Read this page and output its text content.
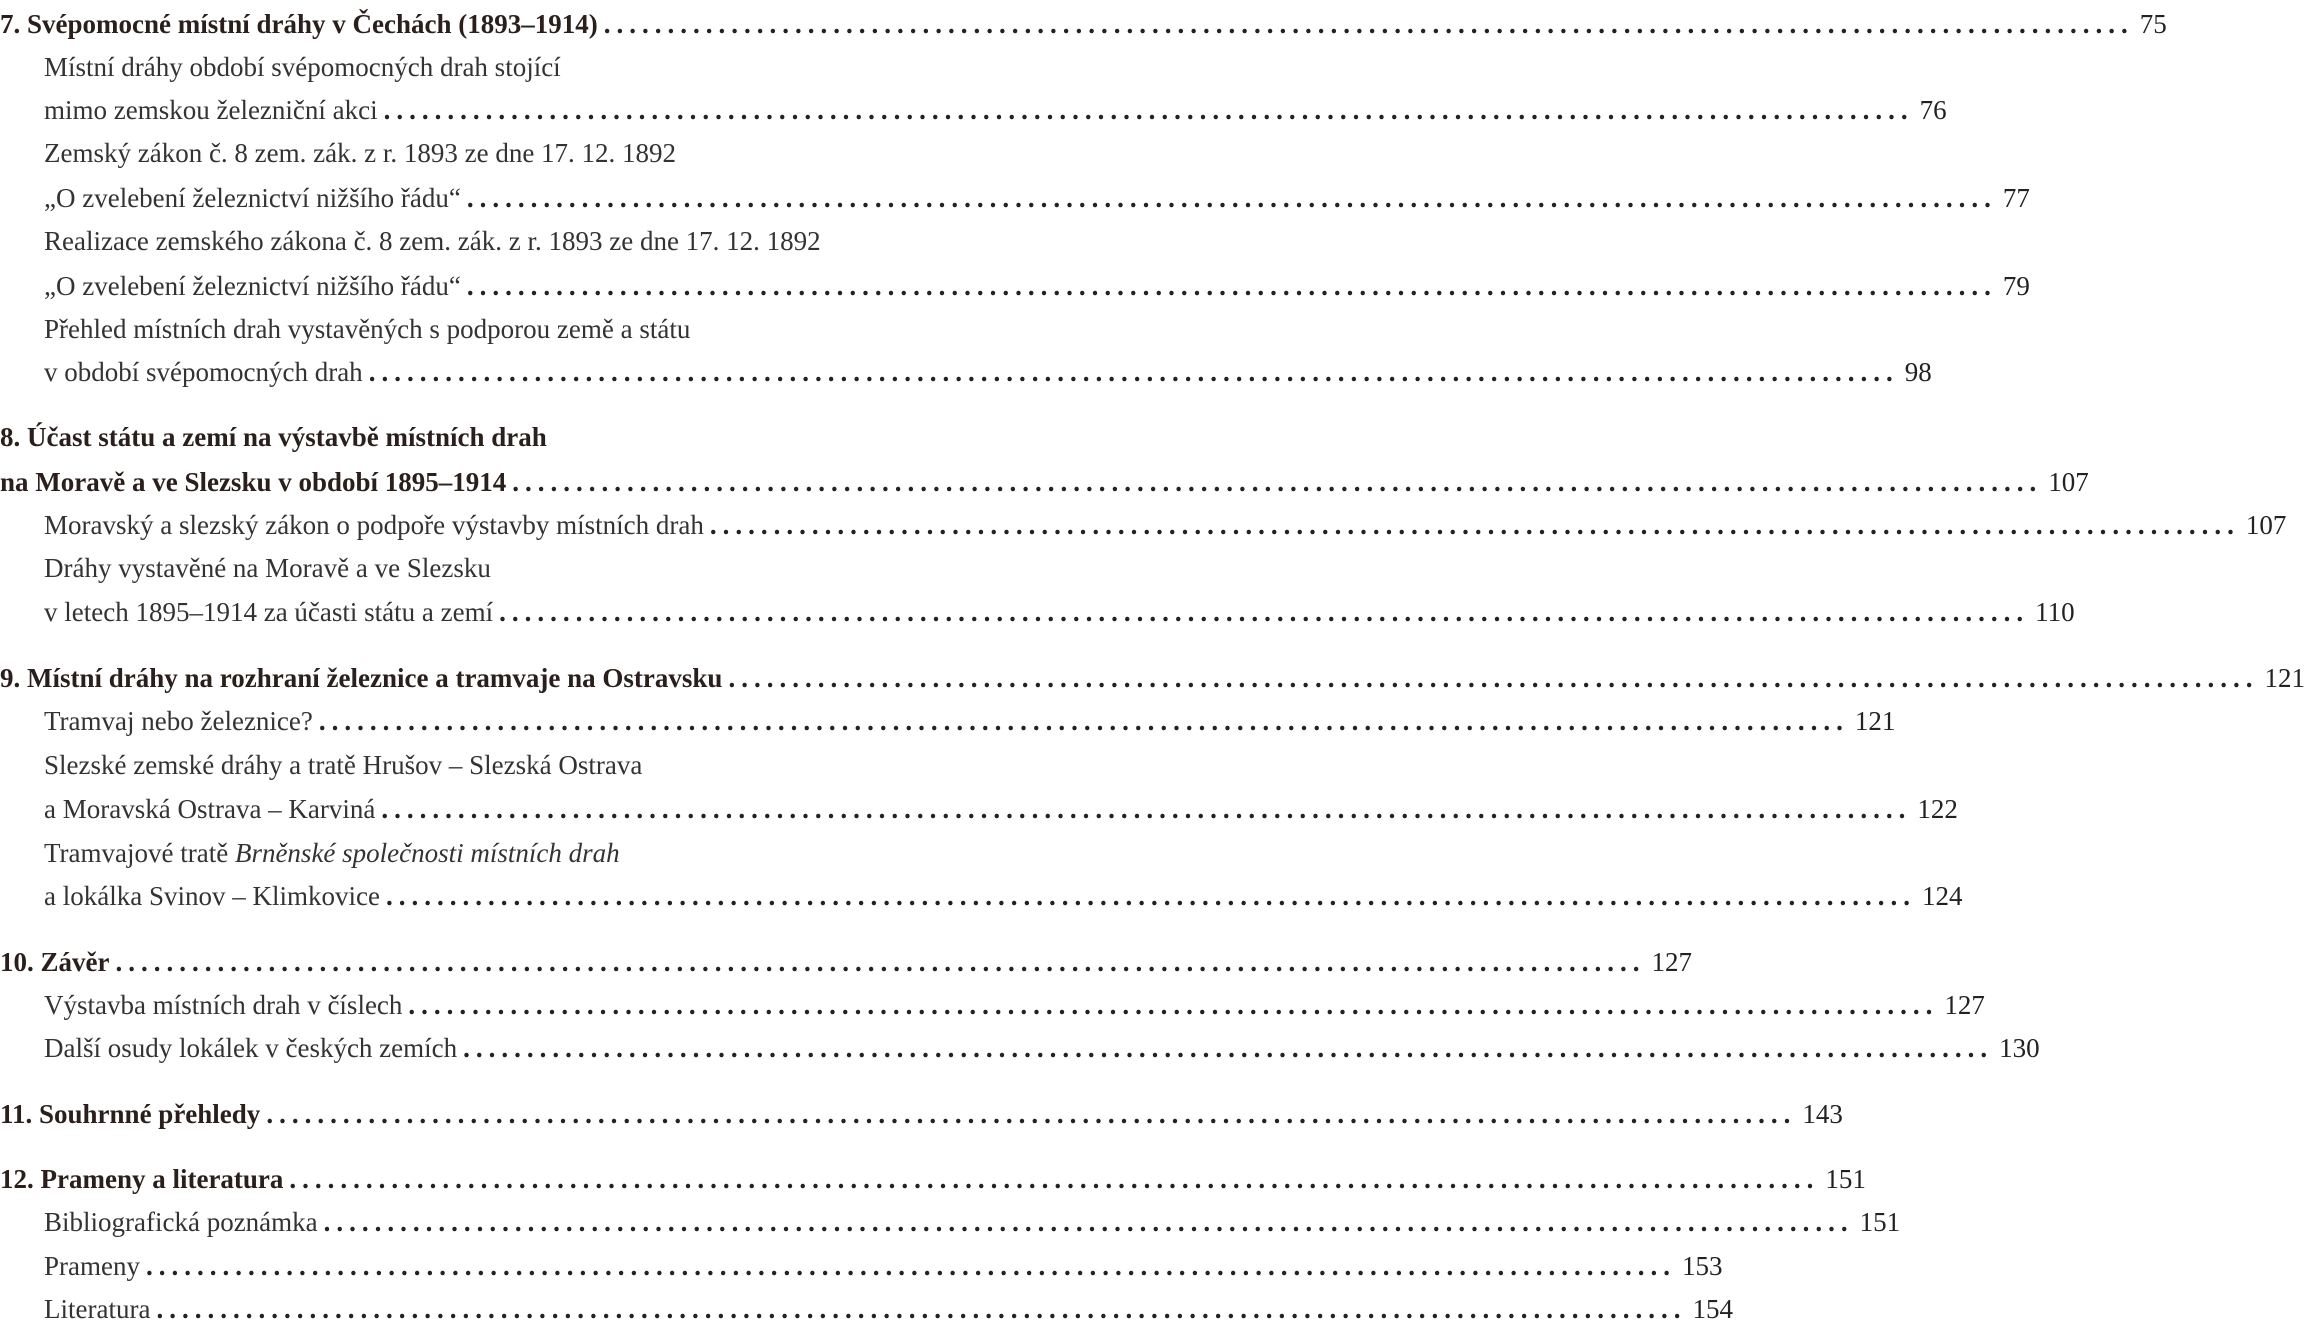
7. Svépomocné místní dráhy v Čechách (1893–1914) ........................................................................................................................ 75
Místní dráhy období svépomocných drah stojící
mimo zemskou železniční akci ........................................................................................................................ 76
Zemský zákon č. 8 zem. zák. z r. 1893 ze dne 17. 12. 1892
„O zvelebení železnictví nižšího řádu“ ........................................................................................................................ 77
Realizace zemského zákona č. 8 zem. zák. z r. 1893 ze dne 17. 12. 1892
„O zvelebení železnictví nižšího řádu“ ........................................................................................................................ 79
Přehled místních drah vystavěných s podporou země a státu
v období svépomocných drah ........................................................................................................................ 98
8. Účast státu a zemí na výstavbě místních drah
na Moravě a ve Slezsku v období 1895–1914 ........................................................................................................................ 107
Moravský a slezský zákon o podpoře výstavby místních drah ........................................................................................................................ 107
Dráhy vystavěné na Moravě a ve Slezsku
v letech 1895–1914 za účasti státu a zemí ........................................................................................................................ 110
9. Místní dráhy na rozhraní železnice a tramvaje na Ostravsku ........................................................................................................................ 121
Tramvaj nebo železnice? ........................................................................................................................ 121
Slezské zemské dráhy a tratě Hrušov – Slezská Ostrava
a Moravská Ostrava – Karviná ........................................................................................................................ 122
Tramvajové tratě Brněnské společnosti místních drah
a lokálka Svinov – Klimkovice ........................................................................................................................ 124
10. Závěr ........................................................................................................................ 127
Výstavba místních drah v číslech ........................................................................................................................ 127
Další osudy lokálek v českých zemích ........................................................................................................................ 130
11. Souhrnné přehledy ........................................................................................................................ 143
12. Prameny a literatura ........................................................................................................................ 151
Bibliografická poznámka ........................................................................................................................ 151
Prameny ........................................................................................................................ 153
Literatura ........................................................................................................................ 154
